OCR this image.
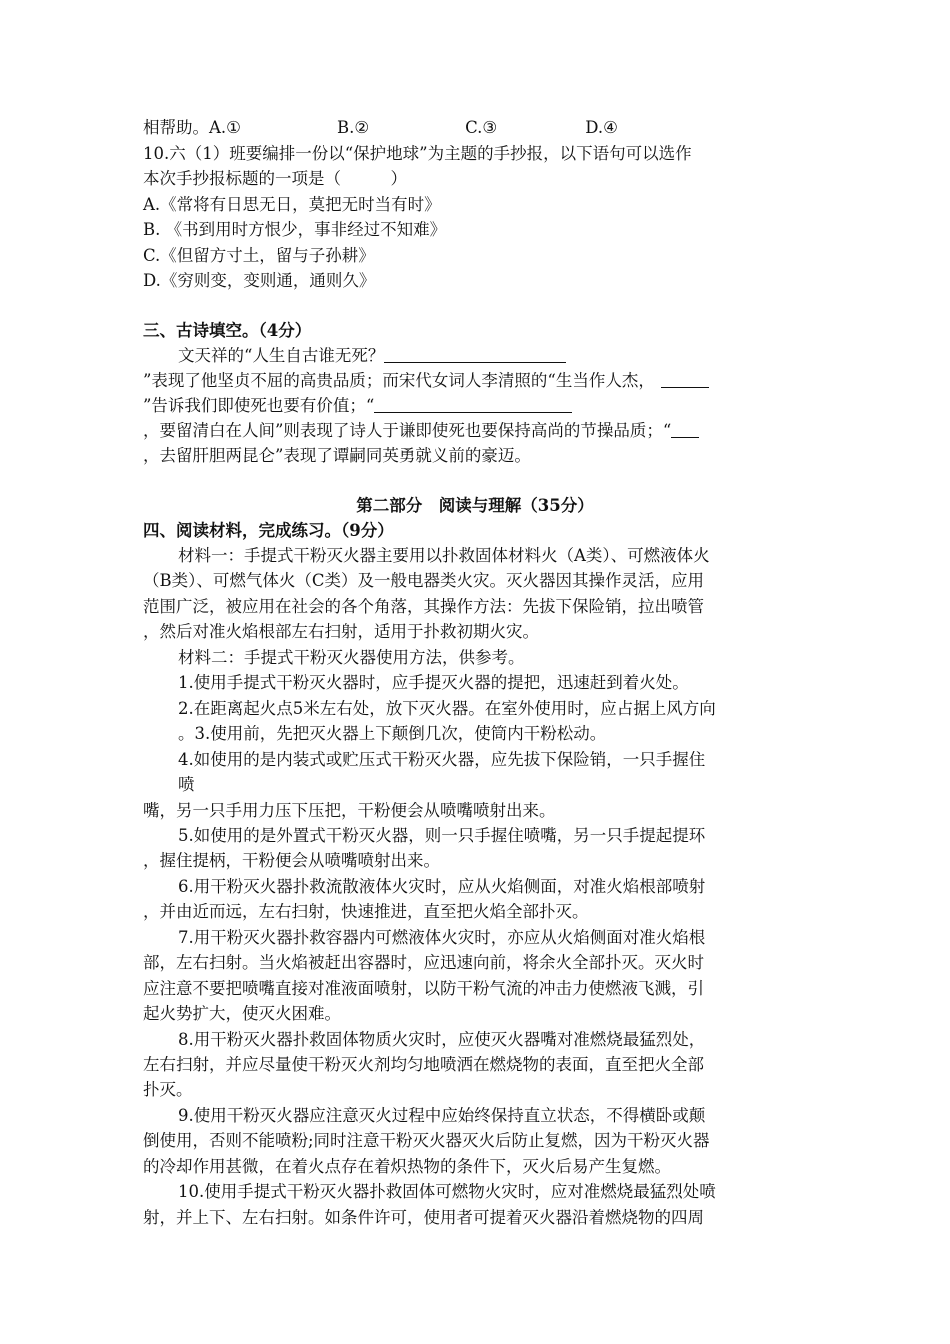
相帮助。A.①	B.②	C.③	D.④
10.六（1）班要编排一份以“保护地球”为主题的手抄报，以下语句可以选作
本次手抄报标题的一项是（　　　）
A.《常将有日思无日，莫把无时当有时》
B. 《书到用时方恨少，事非经过不知难》
C.《但留方寸土，留与子孙耕》
D.《穷则变，变则通，通则久》
三、古诗填空。（4分）
文天祥的“人生自古谁无死？
”表现了他坚贞不屈的高贵品质；而宋代女词人李清照的“生当作人杰，
”告诉我们即使死也要有价值；“
，要留清白在人间”则表现了诗人于谦即使死也要保持高尚的节操品质；“
，去留肝胆两昆仑”表现了谭嗣同英勇就义前的豪迈。
第二部分　阅读与理解（35分）
四、阅读材料，完成练习。（9分）
材料一：手提式干粉灭火器主要用以扑救固体材料火（A类）、可燃液体火
（B类）、可燃气体火（C类）及一般电器类火灾。灭火器因其操作灵活，应用
范围广泛，被应用在社会的各个角落，其操作方法：先拔下保险销，拉出喷管
，然后对准火焰根部左右扫射，适用于扑救初期火灾。
材料二：手提式干粉灭火器使用方法，供参考。
1.使用手提式干粉灭火器时，应手提灭火器的提把，迅速赶到着火处。
2.在距离起火点5米左右处，放下灭火器。在室外使用时，应占据上风方向
。3.使用前，先把灭火器上下颠倒几次，使筒内干粉松动。
4.如使用的是内装式或贮压式干粉灭火器，应先拔下保险销，一只手握住
喷
嘴，另一只手用力压下压把，干粉便会从喷嘴喷射出来。
5.如使用的是外置式干粉灭火器，则一只手握住喷嘴，另一只手提起提环
，握住提柄，干粉便会从喷嘴喷射出来。
6.用干粉灭火器扑救流散液体火灾时，应从火焰侧面，对准火焰根部喷射
，并由近而远，左右扫射，快速推进，直至把火焰全部扑灭。
7.用干粉灭火器扑救容器内可燃液体火灾时，亦应从火焰侧面对准火焰根
部，左右扫射。当火焰被赶出容器时，应迅速向前，将余火全部扑灭。灭火时
应注意不要把喷嘴直接对准液面喷射，以防干粉气流的冲击力使燃液飞溅，引
起火势扩大，使灭火困难。
8.用干粉灭火器扑救固体物质火灾时，应使灭火器嘴对准燃烧最猛烈处，
左右扫射，并应尽量使干粉灭火剂均匀地喷洒在燃烧物的表面，直至把火全部
扑灭。
9.使用干粉灭火器应注意灭火过程中应始终保持直立状态，不得横卧或颠
倒使用，否则不能喷粉;同时注意干粉灭火器灭火后防止复燃，因为干粉灭火器
的冷却作用甚微，在着火点存在着炽热物的条件下，灭火后易产生复燃。
10.使用手提式干粉灭火器扑救固体可燃物火灾时，应对准燃烧最猛烈处喷
射，并上下、左右扫射。如条件许可，使用者可提着灭火器沿着燃烧物的四周
